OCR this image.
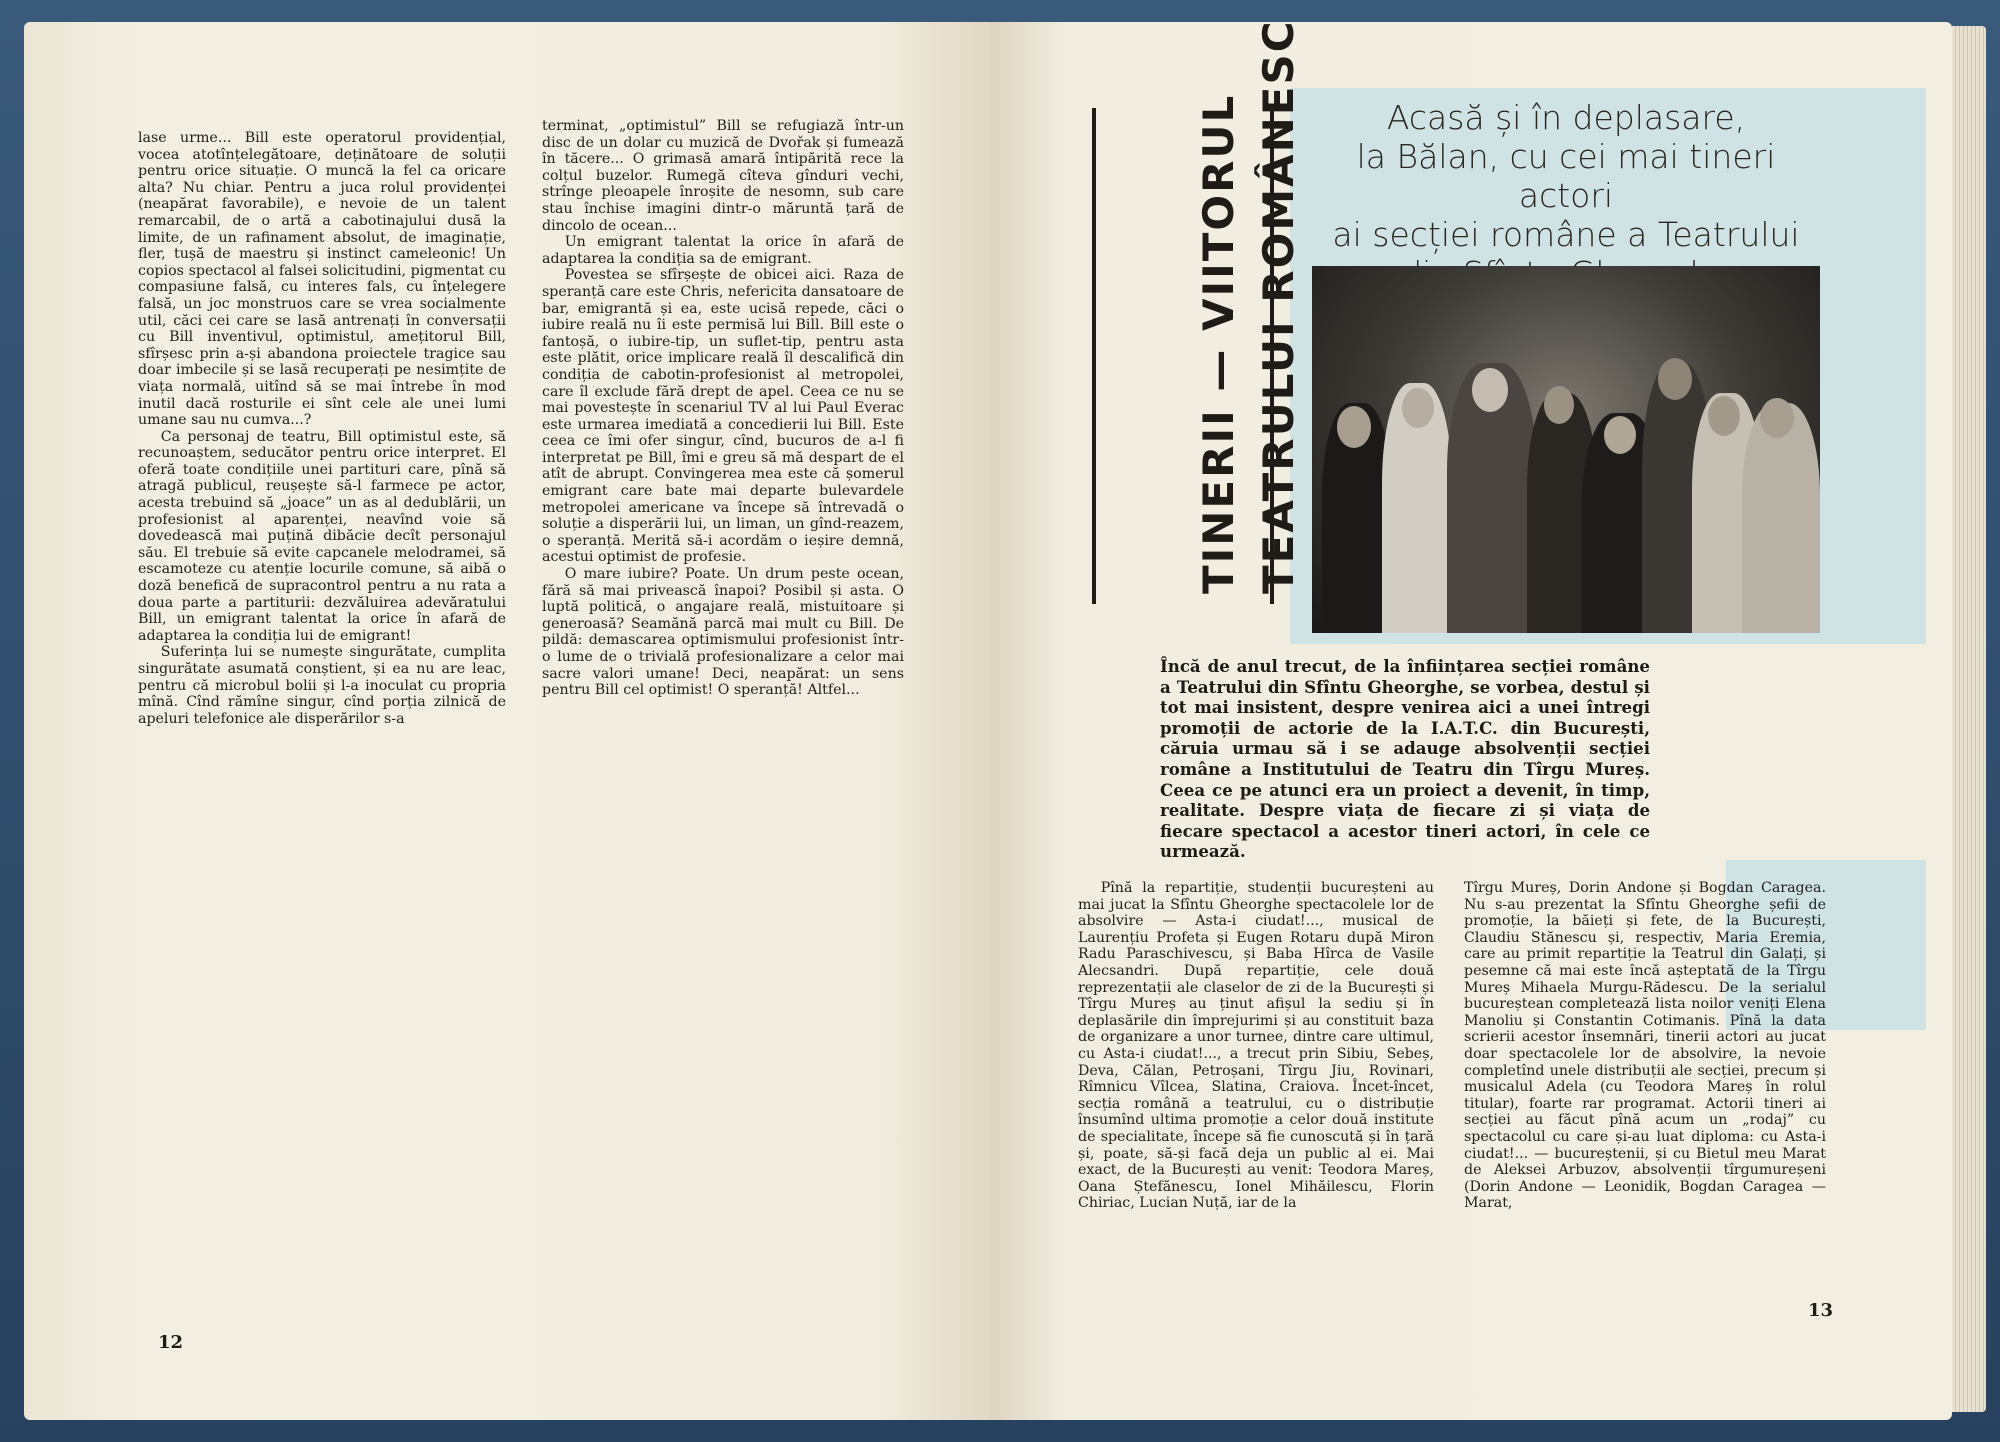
lase urme... Bill este operatorul providențial, vocea atotînțelegătoare, deținătoare de soluții pentru orice situație. O muncă la fel ca oricare alta? Nu chiar. Pentru a juca rolul providenței (neapărat favorabile), e nevoie de un talent remarcabil, de o artă a cabotinajului dusă la limite, de un rafinament absolut, de imaginație, fler, tușă de maestru și instinct cameleonic! Un copios spectacol al falsei solicitudini, pigmentat cu compasiune falsă, cu interes fals, cu înțelegere falsă, un joc monstruos care se vrea socialmente util, căci cei care se lasă antrenați în conversații cu Bill inventivul, optimistul, amețitorul Bill, sfîrșesc prin a-și abandona proiectele tragice sau doar imbecile și se lasă recuperați pe nesimțite de viața normală, uitînd să se mai întrebe în mod inutil dacă rosturile ei sînt cele ale unei lumi umane sau nu cumva...?

Ca personaj de teatru, Bill optimistul este, să recunoaștem, seducător pentru orice interpret. El oferă toate condițiile unei partituri care, pînă să atragă publicul, reușește să-l farmece pe actor, acesta trebuind să „joace” un as al dedublării, un profesionist al aparenței, neavînd voie să dovedească mai puțină dibăcie decît personajul său. El trebuie să evite capcanele melodramei, să escamoteze cu atenție locurile comune, să aibă o doză benefică de supracontrol pentru a nu rata a doua parte a partiturii: dezvăluirea adevăratului Bill, un emigrant talentat la orice în afară de adaptarea la condiția lui de emigrant!

Suferința lui se numește singurătate, cumplita singurătate asumată conștient, și ea nu are leac, pentru că microbul bolii și l-a inoculat cu propria mînă. Cînd rămîne singur, cînd porția zilnică de apeluri telefonice ale disperărilor s-a

terminat, „optimistul” Bill se refugiază într-un disc de un dolar cu muzică de Dvořak și fumează în tăcere... O grimasă amară întipărită rece la colțul buzelor. Rumegă cîteva gînduri vechi, strînge pleoapele înroșite de nesomn, sub care stau închise imagini dintr-o măruntă țară de dincolo de ocean...

Un emigrant talentat la orice în afară de adaptarea la condiția sa de emigrant.

Povestea se sfîrșește de obicei aici. Raza de speranță care este Chris, nefericita dansatoare de bar, emigrantă și ea, este ucisă repede, căci o iubire reală nu îi este permisă lui Bill. Bill este o fantoșă, o iubire-tip, un suflet-tip, pentru asta este plătit, orice implicare reală îl descalifică din condiția de cabotin-profesionist al metropolei, care îl exclude fără drept de apel. Ceea ce nu se mai povestește în scenariul TV al lui Paul Everac este urmarea imediată a concedierii lui Bill. Este ceea ce îmi ofer singur, cînd, bucuros de a-l fi interpretat pe Bill, îmi e greu să mă despart de el atît de abrupt. Convingerea mea este că șomerul emigrant care bate mai departe bulevardele metropolei americane va începe să întrevadă o soluție a disperării lui, un liman, un gînd-reazem, o speranță. Merită să-i acordăm o ieșire demnă, acestui optimist de profesie.

O mare iubire? Poate. Un drum peste ocean, fără să mai privească înapoi? Posibil și asta. O luptă politică, o angajare reală, mistuitoare și generoasă? Seamănă parcă mai mult cu Bill. De pildă: demascarea optimismului profesionist într-o lume de o trivială profesionalizare a celor mai sacre valori umane! Deci, neapărat: un sens pentru Bill cel optimist! O speranță! Altfel...

12
TINERII — VIITORUL TEATRULUI ROMÂNESC	Acasă și în deplasare,
la Bălan, cu cei mai tineri actori
ai secției române a Teatrului
Încă de anul trecut, de la înființarea secției române a Teatrului din Sfîntu Gheorghe, se vorbea, destul și tot mai insistent, despre venirea aici a unei întregi promoții de actorie de la I.A.T.C. din București, căruia urmau să i se adauge absolvenții secției române a Institutului de Teatru din Tîrgu Mureș. Ceea ce pe atunci era un proiect a devenit, în timp, realitate. Despre viața de fiecare zi și viața de fiecare spectacol a acestor tineri actori, în cele ce urmează.

Pînă la repartiție, studenții bucureșteni au mai jucat la Sfîntu Gheorghe spectacolele lor de absolvire — Asta-i ciudat!..., musical de Laurențiu Profeta și Eugen Rotaru după Miron Radu Paraschivescu, și Baba Hîrca de Vasile Alecsandri. După repartiție, cele două reprezentații ale claselor de zi de la București și Tîrgu Mureș au ținut afișul la sediu și în deplasările din împrejurimi și au constituit baza de organizare a unor turnee, dintre care ultimul, cu Asta-i ciudat!..., a trecut prin Sibiu, Sebeș, Deva, Călan, Petroșani, Tîrgu Jiu, Rovinari, Rîmnicu Vîlcea, Slatina, Craiova. Încet-încet, secția română a teatrului, cu o distribuție însumînd ultima promoție a celor două institute de specialitate, începe să fie cunoscută și în țară și, poate, să-și facă deja un public al ei. Mai exact, de la București au venit: Teodora Mareș, Oana Ștefănescu, Ionel Mihăilescu, Florin Chiriac, Lucian Nuță, iar de la

Tîrgu Mureș, Dorin Andone și Bogdan Caragea. Nu s-au prezentat la Sfîntu Gheorghe șefii de promoție, la băieți și fete, de la București, Claudiu Stănescu și, respectiv, Maria Eremia, care au primit repartiție la Teatrul din Galați, și pesemne că mai este încă așteptată de la Tîrgu Mureș Mihaela Murgu-Rădescu. De la serialul bucureștean completează lista noilor veniți Elena Manoliu și Constantin Cotimanis. Pînă la data scrierii acestor însemnări, tinerii actori au jucat doar spectacolele lor de absolvire, la nevoie completînd unele distribuții ale secției, precum și musicalul Adela (cu Teodora Mareș în rolul titular), foarte rar programat. Actorii tineri ai secției au făcut pînă acum un „rodaj” cu spectacolul cu care și-au luat diploma: cu Asta-i ciudat!... — bucureștenii, și cu Bietul meu Marat de Aleksei Arbuzov, absolvenții tîrgumureșeni (Dorin Andone — Leonidik, Bogdan Caragea — Marat,

13
